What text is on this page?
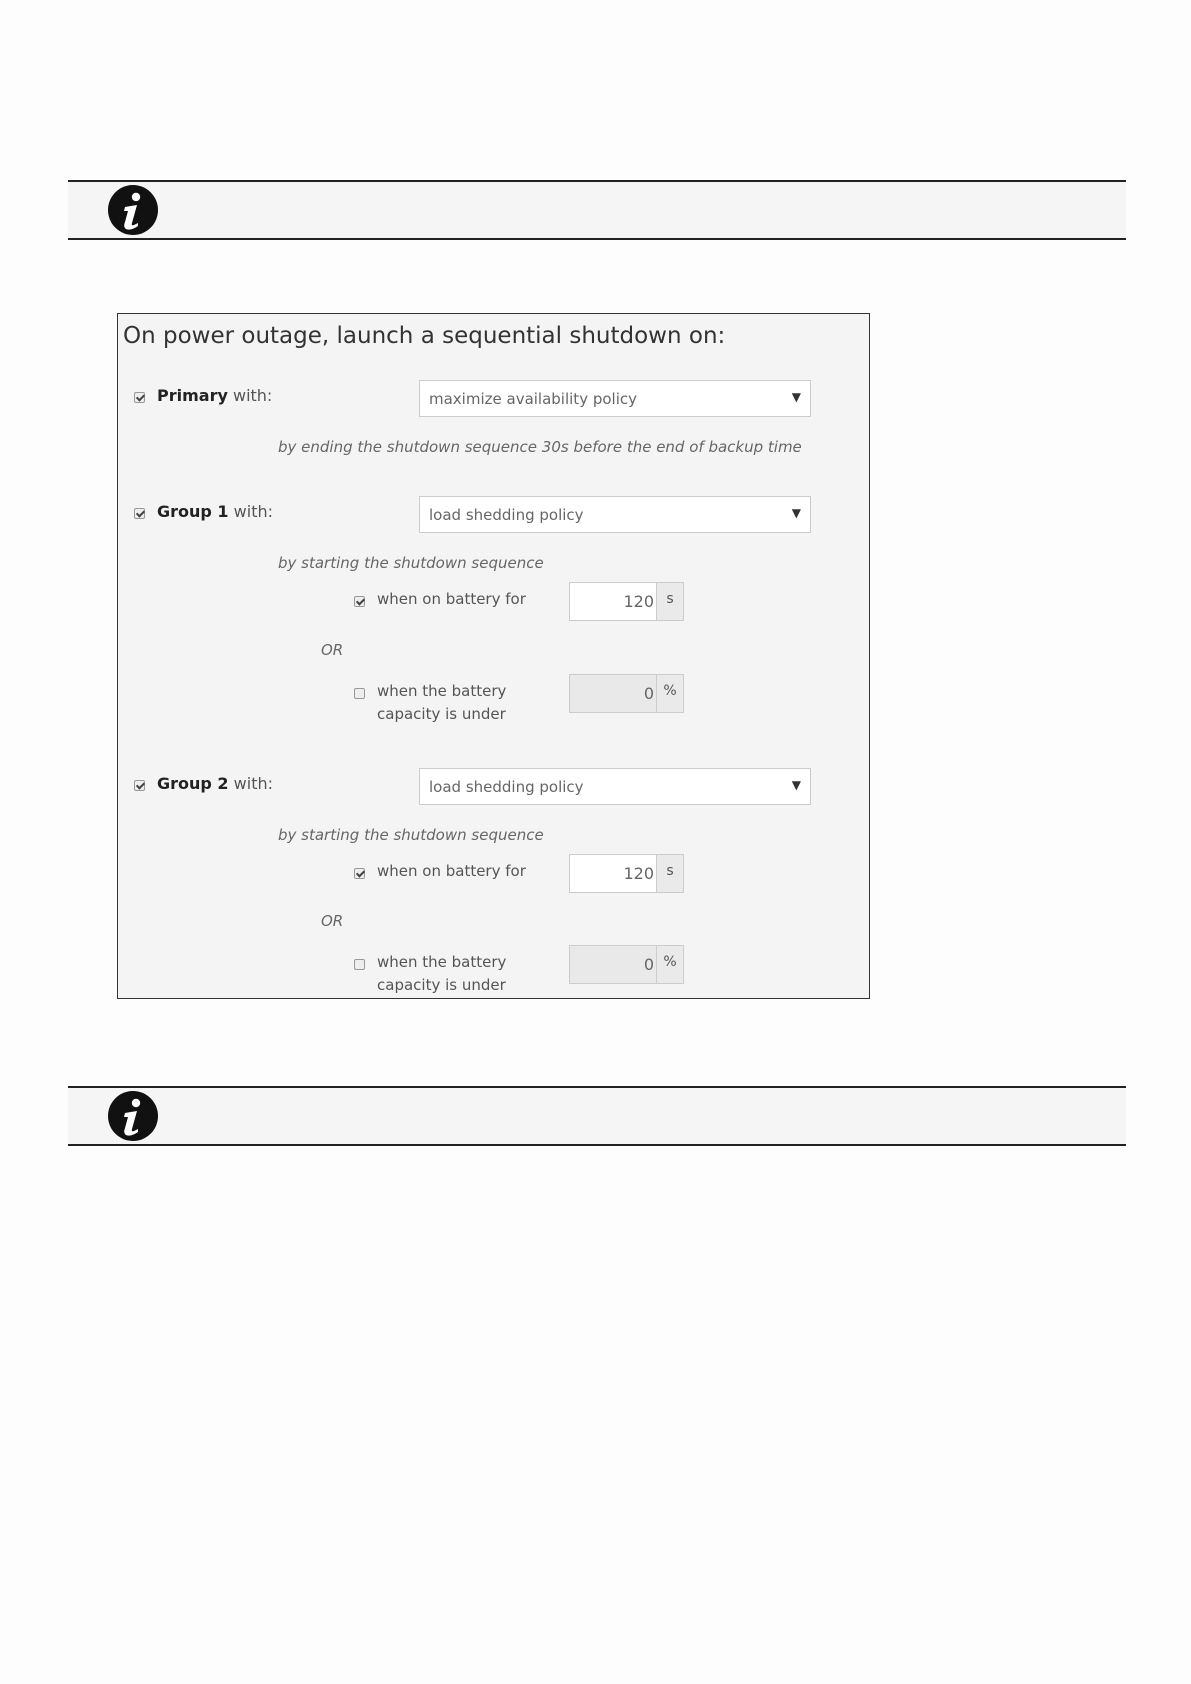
On power outage, launch a sequential shutdown on:
Primary with:	maximize availability policy	▼
by ending the shutdown sequence 30s before the end of backup time
Group 1 with:	load shedding policy	▼
by starting the shutdown sequence
when on battery for	120 s
OR
when the battery
capacity is under
0 %
Group 2 with:	load shedding policy	▼
by starting the shutdown sequence
when on battery for	120 s
OR
when the battery
capacity is under
0 %
